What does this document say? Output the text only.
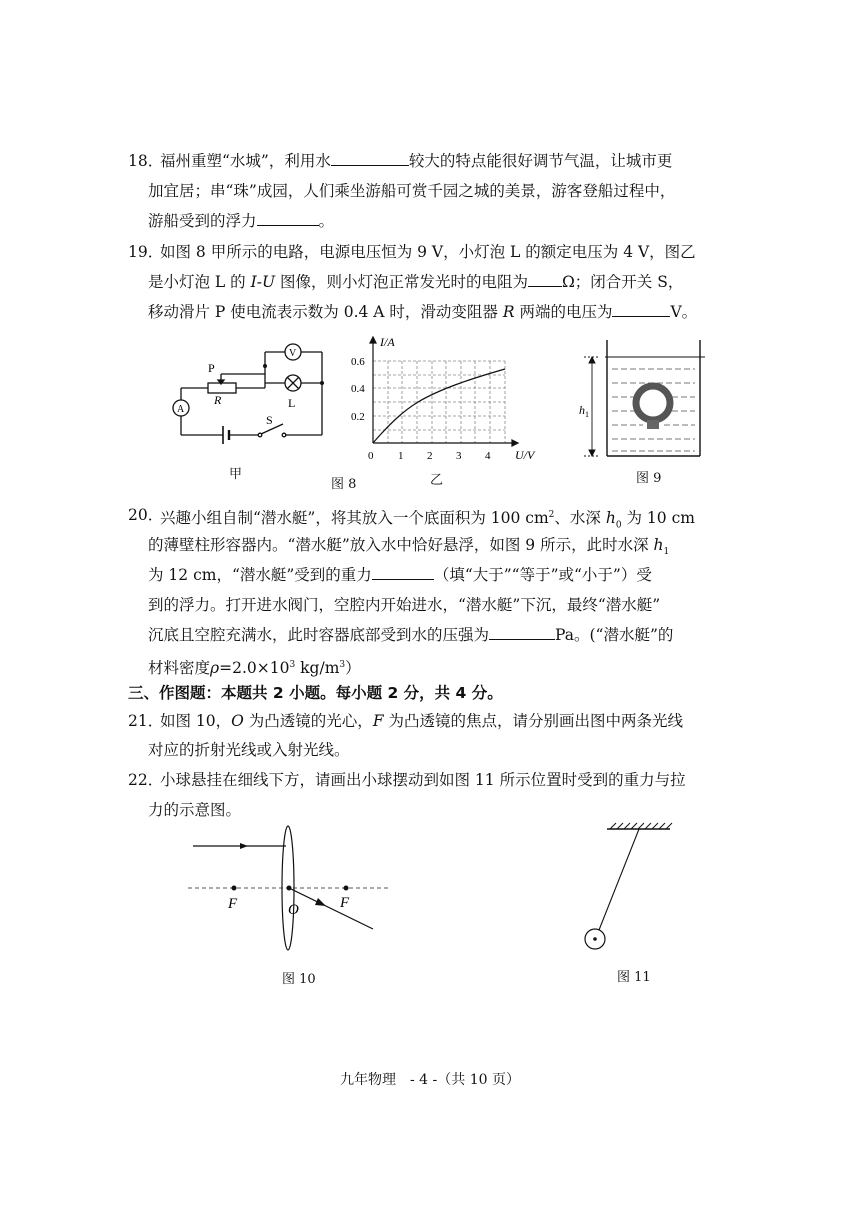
18．
福州重塑“水城”，利用水	较大的特点能很好调节气温，让城市更
加宜居；串“珠”成园，人们乘坐游船可赏千园之城的美景，游客登船过程中，
游船受到的浮力	。
19．
如图 8 甲所示的电路，电源电压恒为 9 V，小灯泡 L 的额定电压为 4 V，图乙
是小灯泡 L 的 I-U 图像，则小灯泡正常发光时的电阻为 Ω；闭合开关 S，
移动滑片 P 使电流表示数为 0.4 A 时，滑动变阻器 R 两端的电压为	V。
P
R	L
S
A
V
I/A
U/V
0.6
0.4
0.2
0 1 2 3 4
$h_1$
甲
图 8	乙	图 9
20．
兴趣小组自制“潜水艇”，将其放入一个底面积为 100 $cm^2$、水深 $h_0$ 为 10 cm
的薄壁柱形容器内。“潜水艇”放入水中恰好悬浮，如图 9 所示，此时水深 $h_1$
为 12 cm，“潜水艇”受到的重力	（填“大于”“等于”或“小于”）受
到的浮力。打开进水阀门，空腔内开始进水，“潜水艇”下沉，最终“潜水艇”
沉底且空腔充满水，此时容器底部受到水的压强为	Pa。(“潜水艇”的
材料密度$\rho=2.0\times 10^3$ $kg/m^3$）
三、作图题：本题共 2 小题。每小题 2 分，共 4 分。
21．
如图 10，O 为凸透镜的光心，F 为凸透镜的焦点，请分别画出图中两条光线
对应的折射光线或入射光线。
22．
小球悬挂在细线下方，请画出小球摆动到如图 11 所示位置时受到的重力与拉
力的示意图。
F	O	F
图 10	图 11
九年物理　- 4 -（共 10 页）
